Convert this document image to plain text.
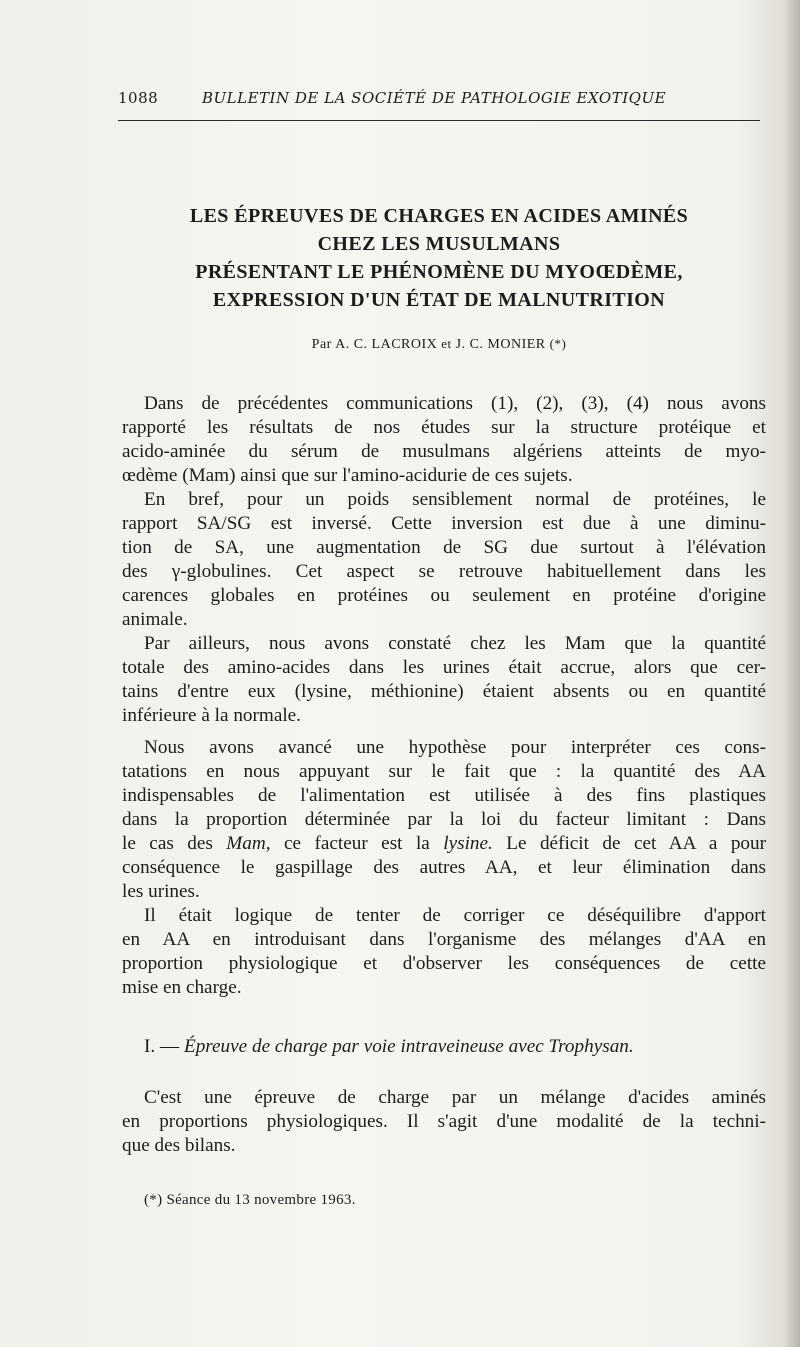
1088	BULLETIN DE LA SOCIÉTÉ DE PATHOLOGIE EXOTIQUE
LES ÉPREUVES DE CHARGES EN ACIDES AMINÉS
CHEZ LES MUSULMANS
PRÉSENTANT LE PHÉNOMÈNE DU MYOŒDÈME,
EXPRESSION D'UN ÉTAT DE MALNUTRITION
Par A. C. LACROIX et J. C. MONIER (*)
Dans de précédentes communications (1), (2), (3), (4) nous avons
rapporté les résultats de nos études sur la structure protéique et
acido-aminée du sérum de musulmans algériens atteints de myo-
œdème (Mam) ainsi que sur l'amino-acidurie de ces sujets.
En bref, pour un poids sensiblement normal de protéines, le
rapport SA/SG est inversé. Cette inversion est due à une diminu-
tion de SA, une augmentation de SG due surtout à l'élévation
des γ-globulines. Cet aspect se retrouve habituellement dans les
carences globales en protéines ou seulement en protéine d'origine
animale.
Par ailleurs, nous avons constaté chez les Mam que la quantité
totale des amino-acides dans les urines était accrue, alors que cer-
tains d'entre eux (lysine, méthionine) étaient absents ou en quantité
inférieure à la normale.
Nous avons avancé une hypothèse pour interpréter ces cons-
tatations en nous appuyant sur le fait que : la quantité des AA
indispensables de l'alimentation est utilisée à des fins plastiques
dans la proportion déterminée par la loi du facteur limitant : Dans
le cas des Mam, ce facteur est la lysine. Le déficit de cet AA a pour
conséquence le gaspillage des autres AA, et leur élimination dans
les urines.
Il était logique de tenter de corriger ce déséquilibre d'apport
en AA en introduisant dans l'organisme des mélanges d'AA en
proportion physiologique et d'observer les conséquences de cette
mise en charge.
I. — Épreuve de charge par voie intraveineuse avec Trophysan.
C'est une épreuve de charge par un mélange d'acides aminés
en proportions physiologiques. Il s'agit d'une modalité de la techni-
que des bilans.
(*) Séance du 13 novembre 1963.
